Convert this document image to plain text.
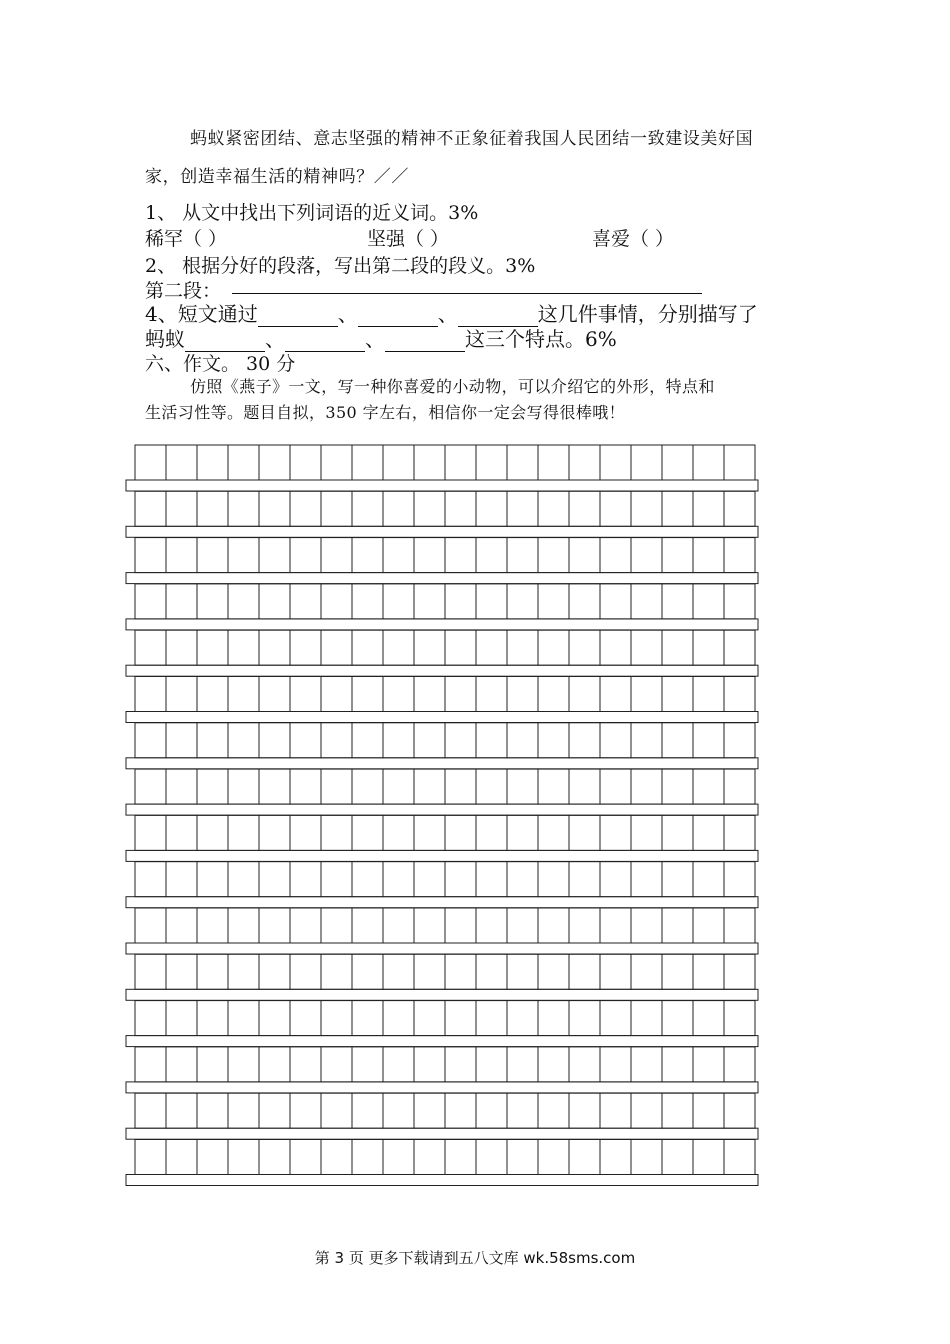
蚂蚁紧密团结、意志坚强的精神不正象征着我国人民团结一致建设美好国
家，创造幸福生活的精神吗？／／
1、 从文中找出下列词语的近义词。3%
稀罕（ ）	坚强（ ）	喜爱（ ）
2、 根据分好的段落，写出第二段的段义。3%
第二段：
4、短文通过	、	、	这几件事情，分别描写了
蚂蚁	、	、	这三个特点。6%
六、作文。 30 分
仿照《燕子》一文，写一种你喜爱的小动物，可以介绍它的外形，特点和
生活习性等。题目自拟，350 字左右，相信你一定会写得很棒哦！
第 3 页 更多下载请到五八文库 wk.58sms.com
